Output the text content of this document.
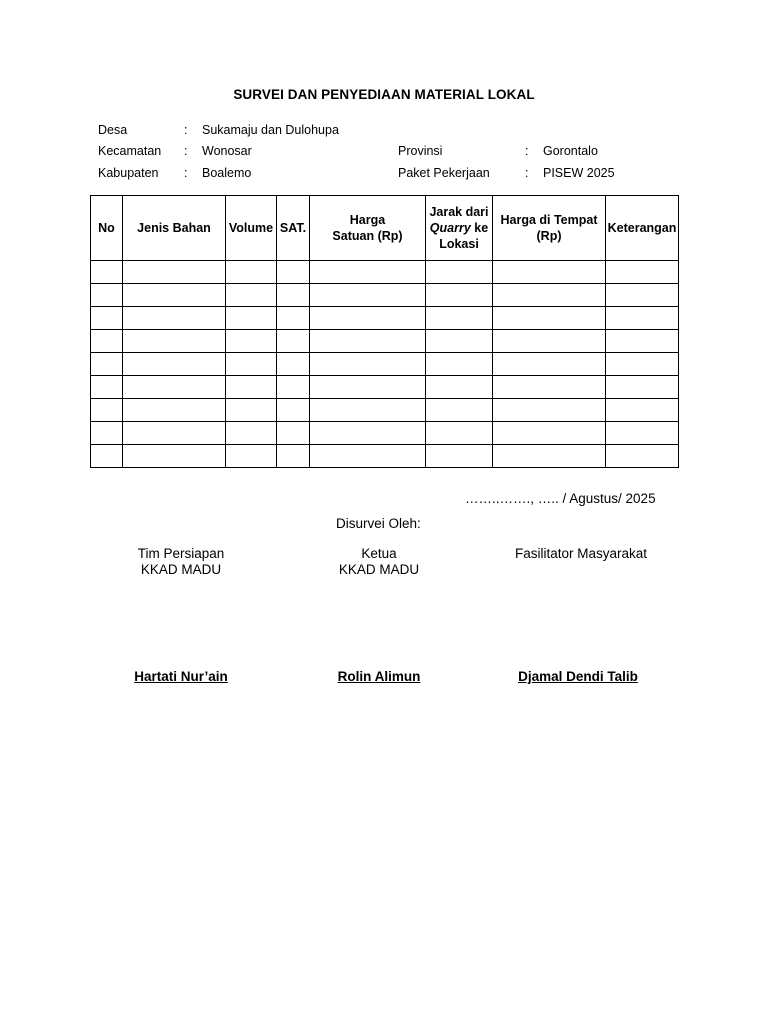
SURVEI DAN PENYEDIAAN MATERIAL LOKAL
Desa	: Sukamaju dan Dulohupa
Kecamatan : Wonosar
Kabupaten : Boalemo
Provinsi	: Gorontalo
Paket Pekerjaan	: PISEW 2025
No	Jenis Bahan	Volume	SAT.	Harga Satuan (Rp)	Jarak dari
Quarry ke Lokasi	Harga di Tempat (Rp)	Keterangan

……..……., ….. / Agustus/ 2025
Disurvei Oleh:
Tim Persiapan
KKAD MADU
Ketua
KKAD MADU
Fasilitator Masyarakat
Hartati Nur’ain	Rolin Alimun	Djamal Dendi Talib
